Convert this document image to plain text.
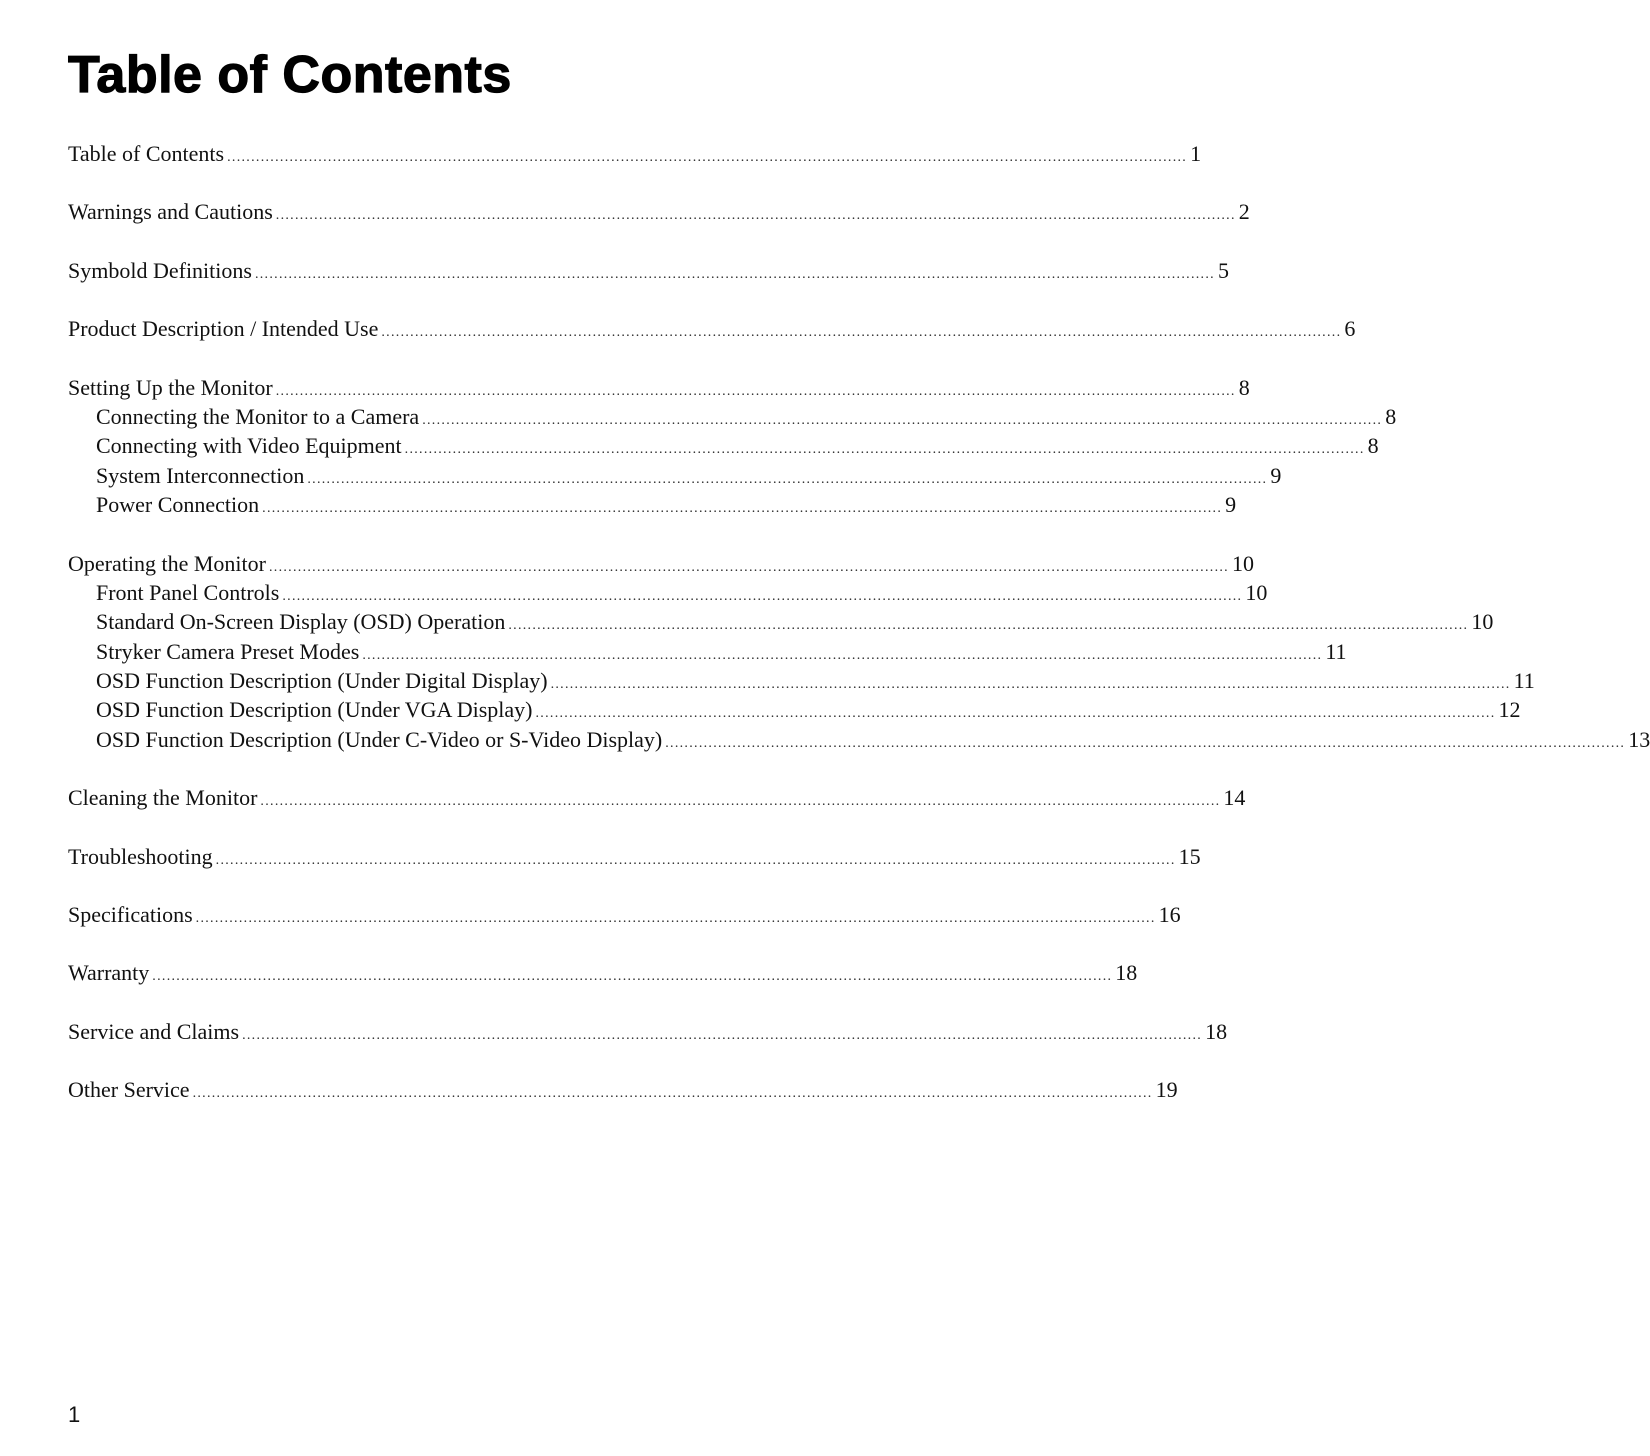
Table of Contents
Table of Contents ........................................................................................................................................................................................................ 1
Warnings and Cautions ........................................................................................................................................................................................................ 2
Symbold Definitions ........................................................................................................................................................................................................ 5
Product Description / Intended Use ........................................................................................................................................................................................................ 6
Setting Up the Monitor ........................................................................................................................................................................................................ 8
Connecting the Monitor to a Camera ........................................................................................................................................................................................................ 8
Connecting with Video Equipment ........................................................................................................................................................................................................ 8
System Interconnection ........................................................................................................................................................................................................ 9
Power Connection ........................................................................................................................................................................................................ 9
Operating the Monitor ........................................................................................................................................................................................................ 10
Front Panel Controls ........................................................................................................................................................................................................ 10
Standard On-Screen Display (OSD) Operation ........................................................................................................................................................................................................ 10
Stryker Camera Preset Modes ........................................................................................................................................................................................................ 11
OSD Function Description (Under Digital Display) ........................................................................................................................................................................................................ 11
OSD Function Description (Under VGA Display) ........................................................................................................................................................................................................ 12
OSD Function Description (Under C-Video or S-Video Display) ........................................................................................................................................................................................................ 13
Cleaning the Monitor ........................................................................................................................................................................................................ 14
Troubleshooting ........................................................................................................................................................................................................ 15
Specifications ........................................................................................................................................................................................................ 16
Warranty ........................................................................................................................................................................................................ 18
Service and Claims ........................................................................................................................................................................................................ 18
Other Service ........................................................................................................................................................................................................ 19
1
